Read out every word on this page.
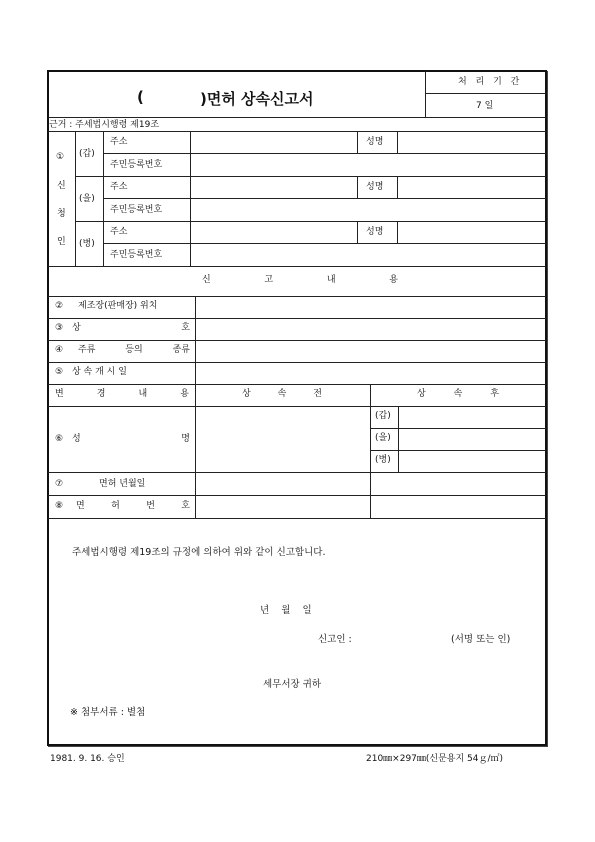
(	)면허 상속신고서
처 리 기 간
7 일
근거 : 주세법시행령 제19조
①
신
청
인
(갑)
주소	성명
주민등록번호
(을)
주소	성명
주민등록번호
(병)
주소	성명
주민등록번호
신	고	내	용
② 제조장(판매장) 위치
③ 상	호
④ 주류	등의	종류
⑤ 상 속 개 시 일
변	경	내	용	상	속	전	상	속	후
⑥ 성	명
(갑)
(을)
(병)
⑦	면허 년월일
⑧ 면	허	번	호
주세법시행령 제19조의 규정에 의하여 위와 같이 신고합니다.
년    월    일
신고인 :	(서명 또는 인)
세무서장 귀하
※ 첨부서류 : 별첨
1981. 9. 16. 승인	210㎜×297㎜(신문용지 54ｇ/㎡)
